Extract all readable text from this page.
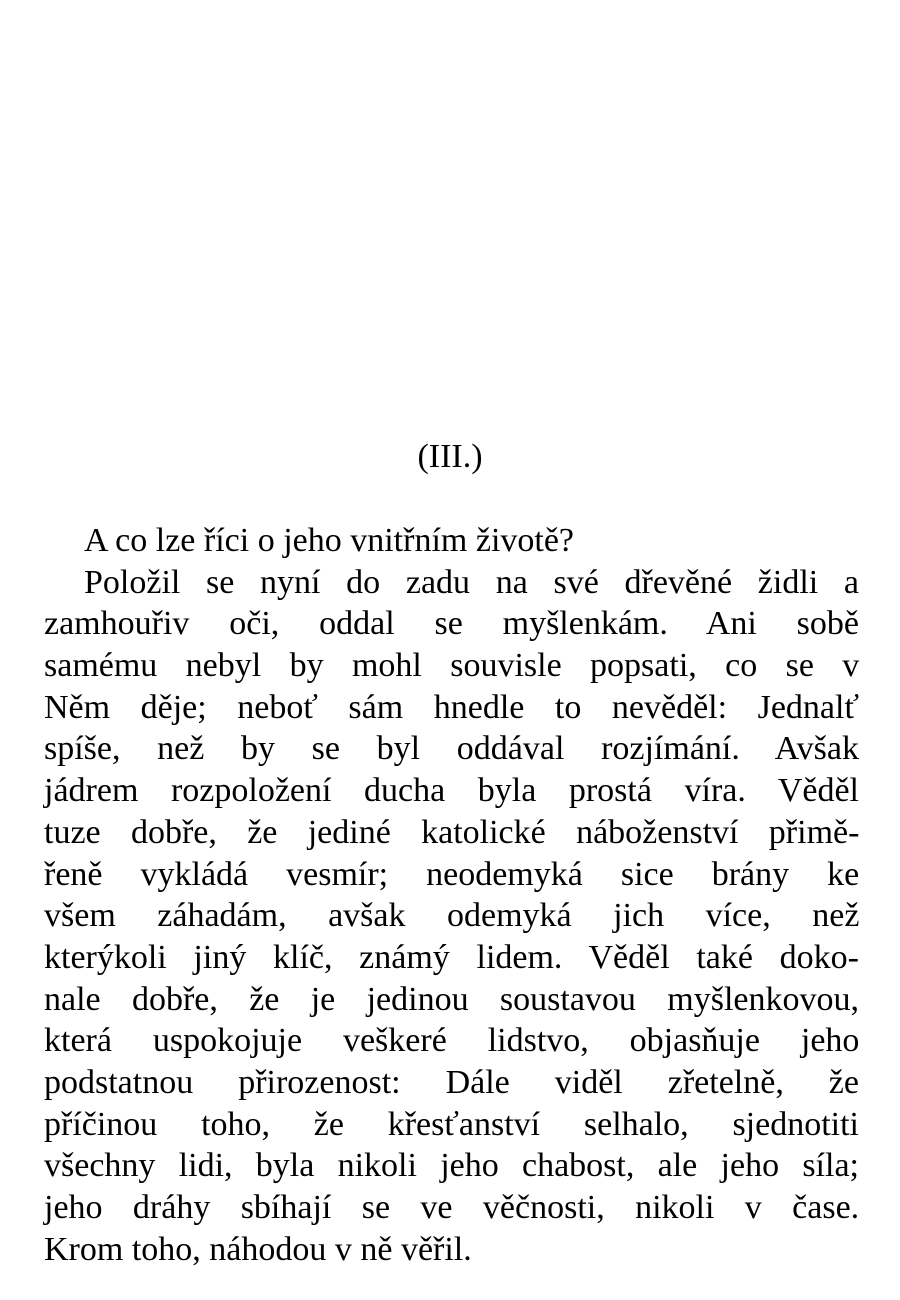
(III.)
A co lze říci o jeho vnitřním životě?
Položil se nyní do zadu na své dřevěné židli a
zamhouřiv oči, oddal se myšlenkám. Ani sobě
samému nebyl by mohl souvisle popsati, co se v
Něm děje; neboť sám hnedle to nevěděl: Jednalť
spíše, než by se byl oddával rozjímání. Avšak
jádrem rozpoložení ducha byla prostá víra. Věděl
tuze dobře, že jediné katolické náboženství přimě-
řeně vykládá vesmír; neodemyká sice brány ke
všem záhadám, avšak odemyká jich více, než
kterýkoli jiný klíč, známý lidem. Věděl také doko-
nale dobře, že je jedinou soustavou myšlenkovou,
která uspokojuje veškeré lidstvo, objasňuje jeho
podstatnou přirozenost: Dále viděl zřetelně, že
příčinou toho, že křesťanství selhalo, sjednotiti
všechny lidi, byla nikoli jeho chabost, ale jeho síla;
jeho dráhy sbíhají se ve věčnosti, nikoli v čase.
Krom toho, náhodou v ně věřil.
